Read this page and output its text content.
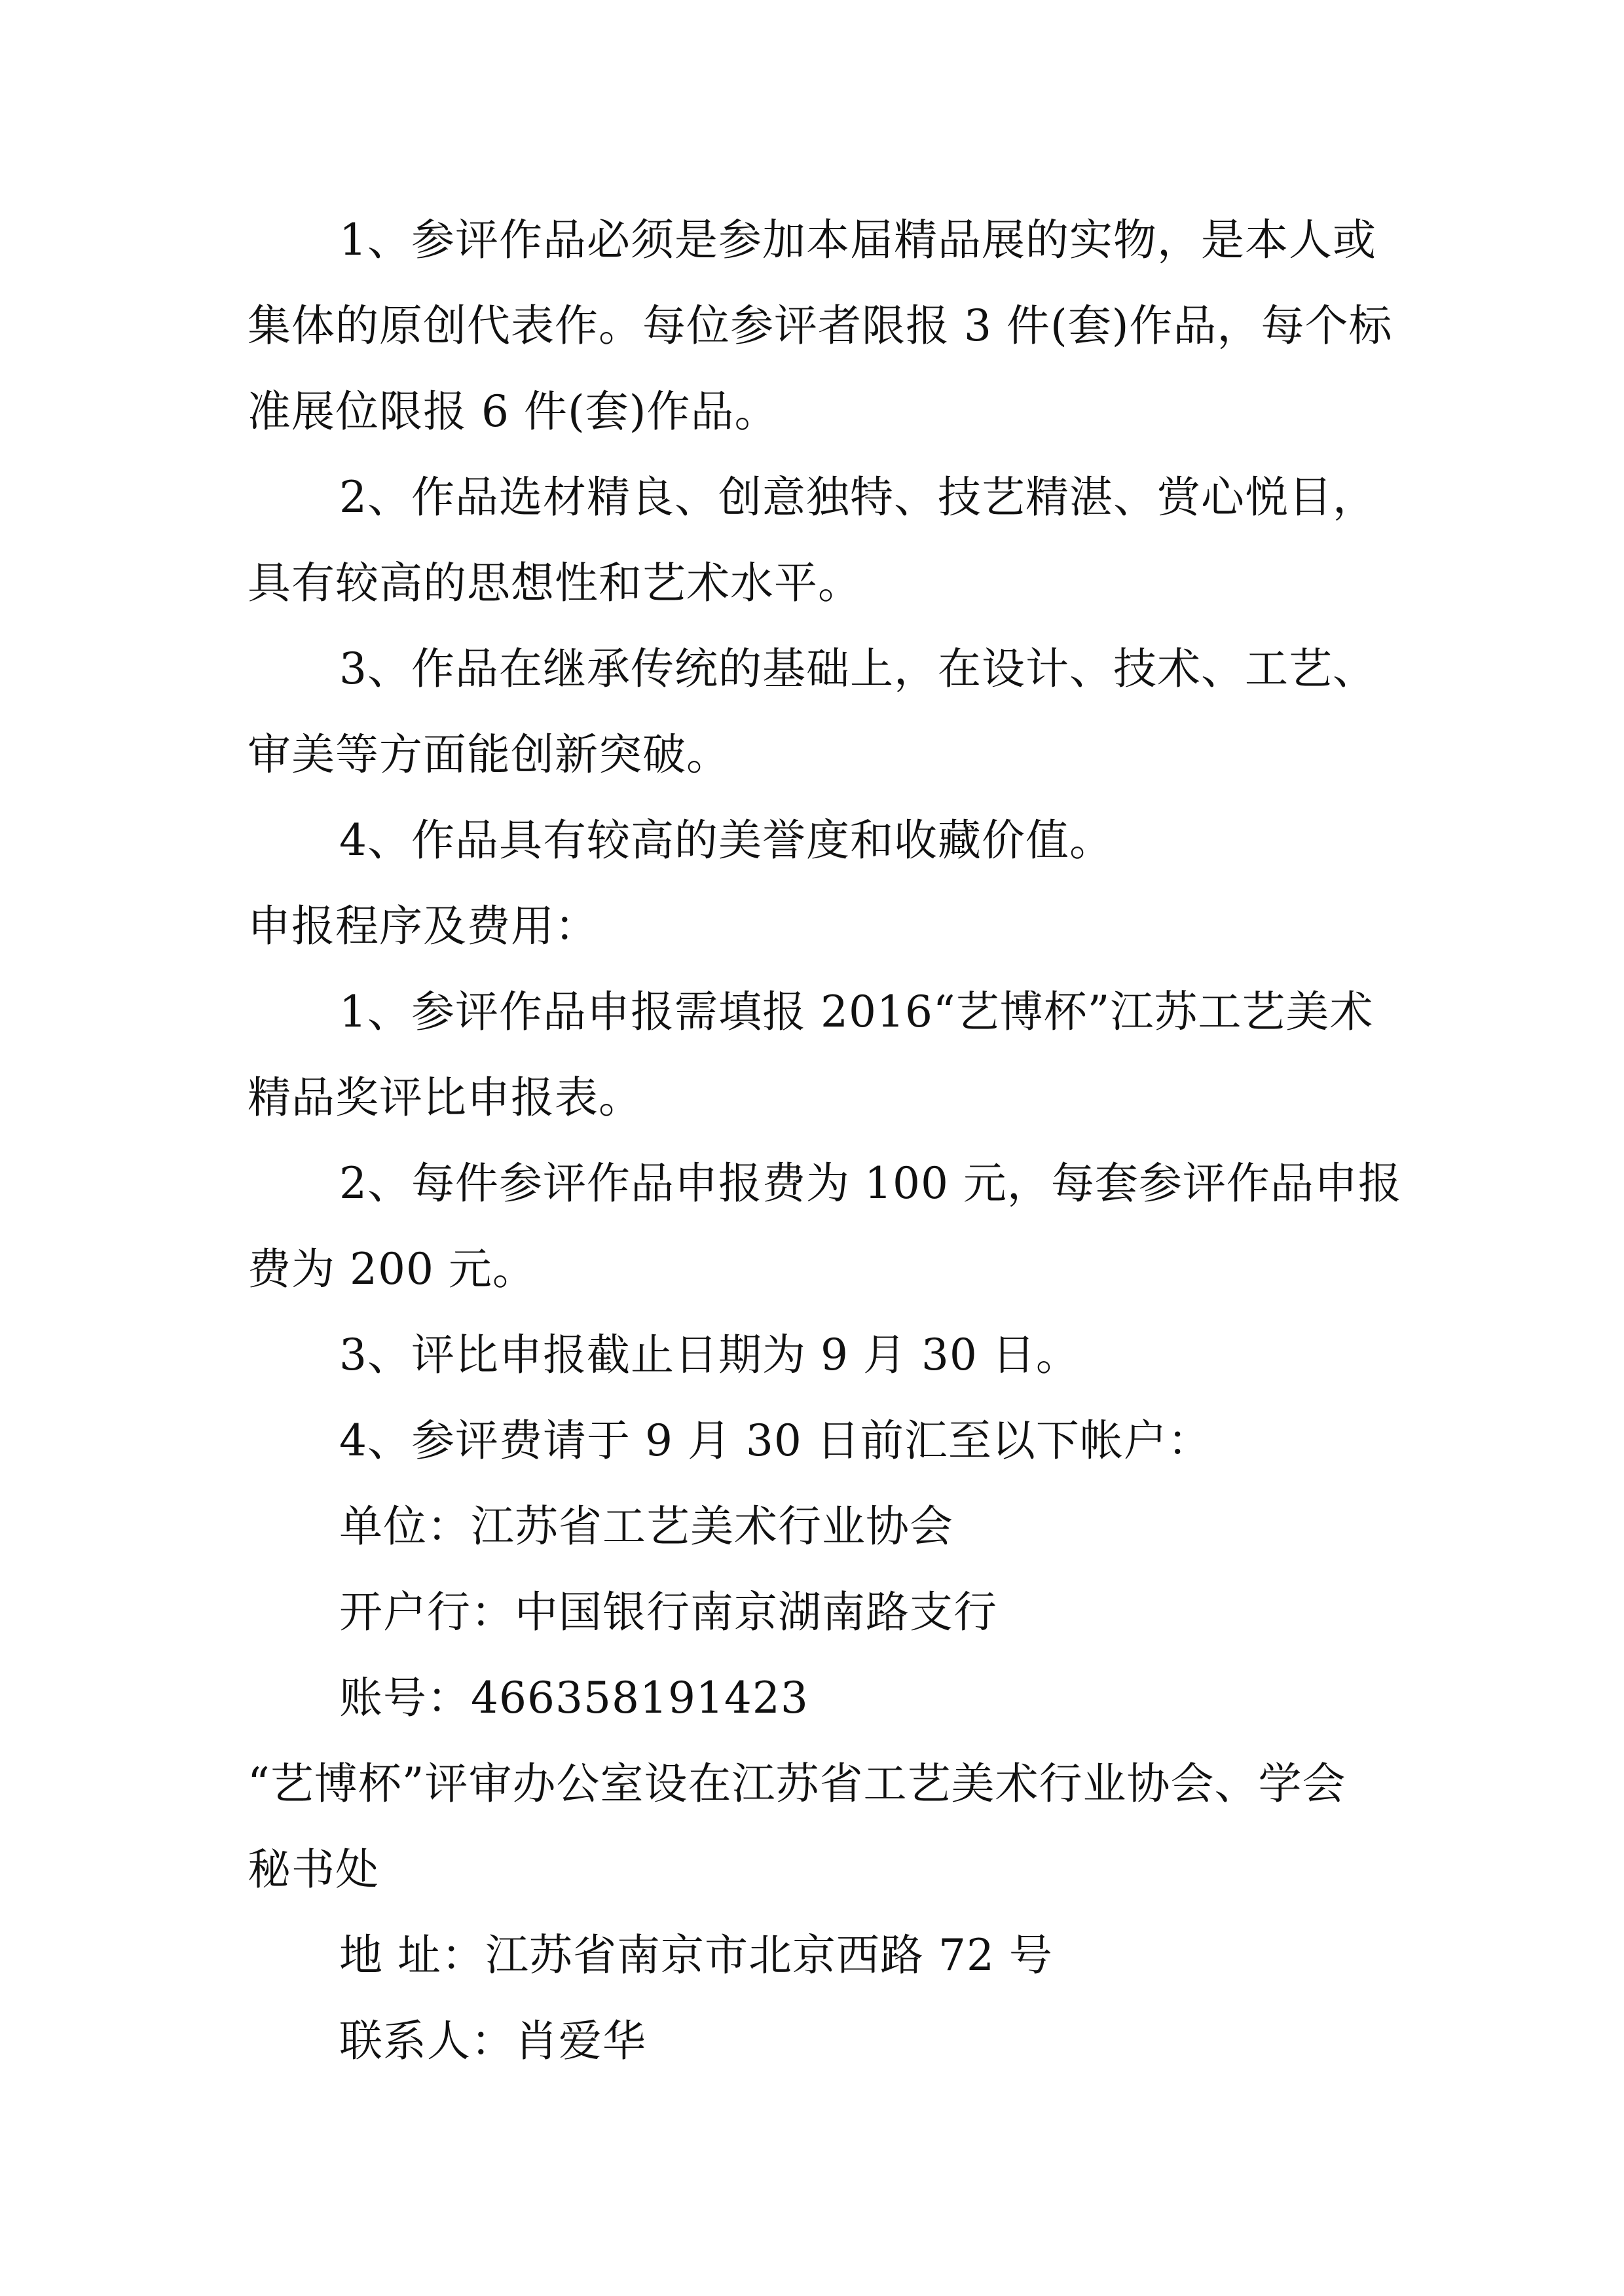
1、参评作品必须是参加本届精品展的实物，是本人或
集体的原创代表作。每位参评者限报 3 件(套)作品，每个标
准展位限报 6 件(套)作品。
2、作品选材精良、创意独特、技艺精湛、赏心悦目，
具有较高的思想性和艺术水平。
3、作品在继承传统的基础上，在设计、技术、工艺、
审美等方面能创新突破。
4、作品具有较高的美誉度和收藏价值。
申报程序及费用：
1、参评作品申报需填报 2016“艺博杯”江苏工艺美术
精品奖评比申报表。
2、每件参评作品申报费为 100 元，每套参评作品申报
费为 200 元。
3、评比申报截止日期为 9 月 30 日。
4、参评费请于 9 月 30 日前汇至以下帐户：
单位：江苏省工艺美术行业协会
开户行：中国银行南京湖南路支行
账号：466358191423
“艺博杯”评审办公室设在江苏省工艺美术行业协会、学会
秘书处
地 址：江苏省南京市北京西路 72 号
联系人：肖爱华
